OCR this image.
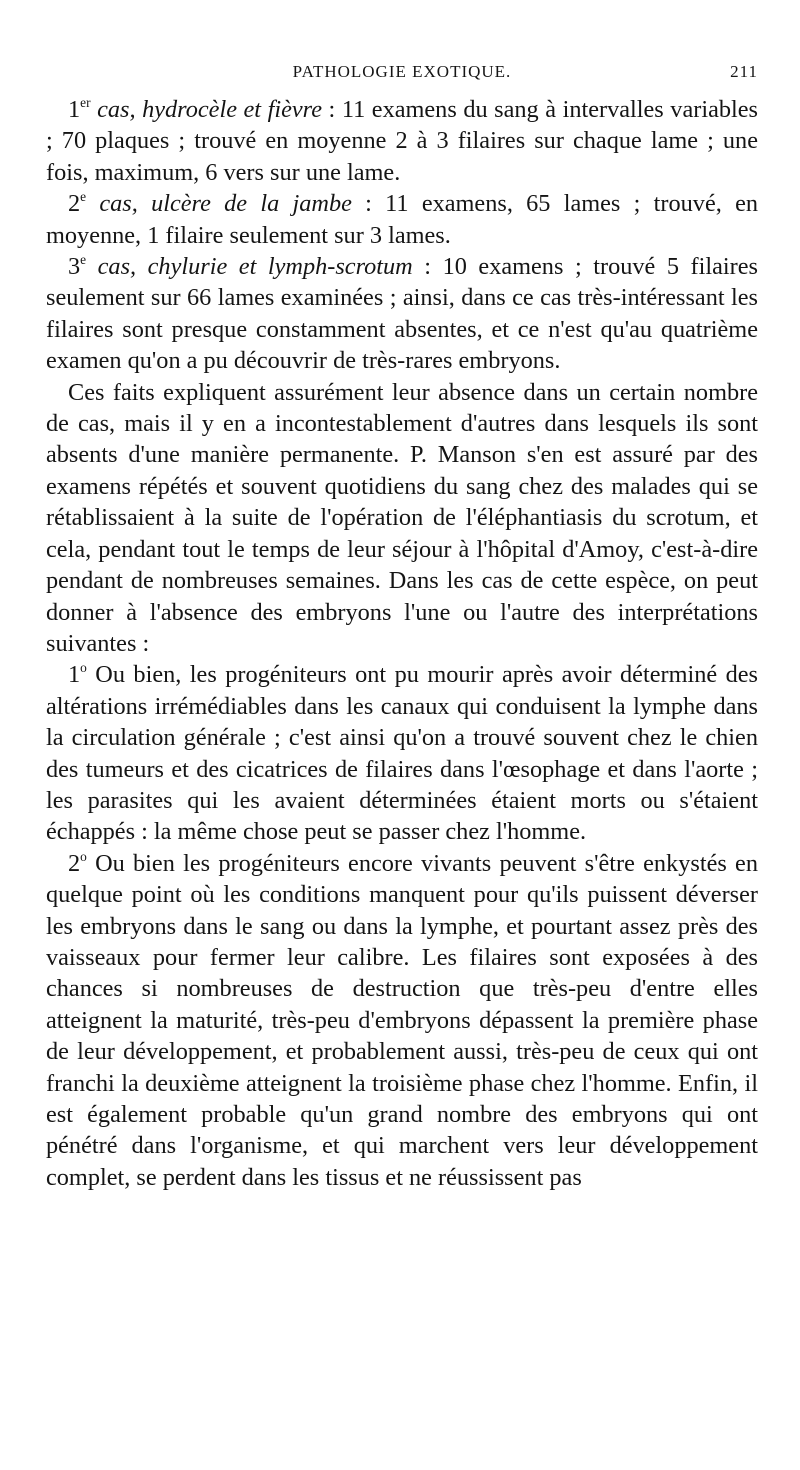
PATHOLOGIE EXOTIQUE.	211

1er cas, hydrocèle et fièvre : 11 examens du sang à intervalles variables ; 70 plaques ; trouvé en moyenne 2 à 3 filaires sur chaque lame ; une fois, maximum, 6 vers sur une lame.

2e cas, ulcère de la jambe : 11 examens, 65 lames ; trouvé, en moyenne, 1 filaire seulement sur 3 lames.

3e cas, chylurie et lymph-scrotum : 10 examens ; trouvé 5 filaires seulement sur 66 lames examinées ; ainsi, dans ce cas très-intéressant les filaires sont presque constamment absentes, et ce n'est qu'au quatrième examen qu'on a pu découvrir de très-rares embryons.

Ces faits expliquent assurément leur absence dans un certain nombre de cas, mais il y en a incontestablement d'autres dans lesquels ils sont absents d'une manière permanente. P. Manson s'en est assuré par des examens répétés et souvent quotidiens du sang chez des malades qui se rétablissaient à la suite de l'opération de l'éléphantiasis du scrotum, et cela, pendant tout le temps de leur séjour à l'hôpital d'Amoy, c'est-à-dire pendant de nombreuses semaines. Dans les cas de cette espèce, on peut donner à l'absence des embryons l'une ou l'autre des interprétations suivantes :

1$^o$ Ou bien, les progéniteurs ont pu mourir après avoir déterminé des altérations irrémédiables dans les canaux qui conduisent la lymphe dans la circulation générale ; c'est ainsi qu'on a trouvé souvent chez le chien des tumeurs et des cicatrices de filaires dans l'œsophage et dans l'aorte ; les parasites qui les avaient déterminées étaient morts ou s'étaient échappés : la même chose peut se passer chez l'homme.

2$^o$ Ou bien les progéniteurs encore vivants peuvent s'être enkystés en quelque point où les conditions manquent pour qu'ils puissent déverser les embryons dans le sang ou dans la lymphe, et pourtant assez près des vaisseaux pour fermer leur calibre. Les filaires sont exposées à des chances si nombreuses de destruction que très-peu d'entre elles atteignent la maturité, très-peu d'embryons dépassent la première phase de leur développement, et probablement aussi, très-peu de ceux qui ont franchi la deuxième atteignent la troisième phase chez l'homme. Enfin, il est également probable qu'un grand nombre des embryons qui ont pénétré dans l'organisme, et qui marchent vers leur développement complet, se perdent dans les tissus et ne réussissent pas
